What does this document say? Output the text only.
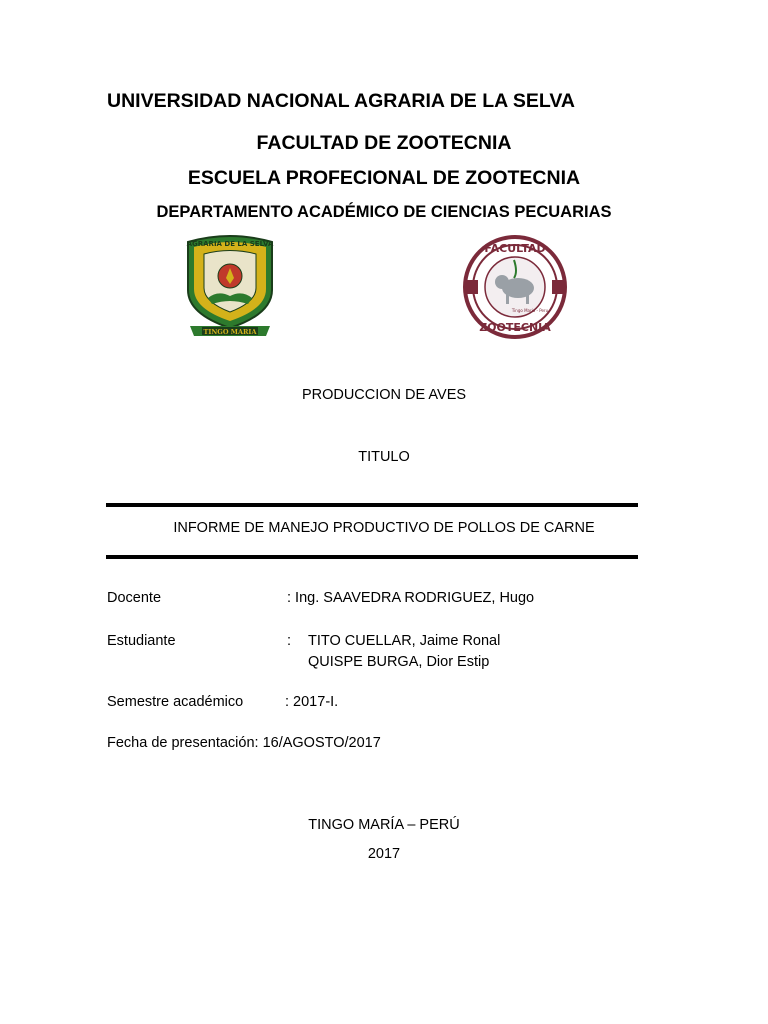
UNIVERSIDAD NACIONAL AGRARIA DE LA SELVA
FACULTAD DE ZOOTECNIA
ESCUELA PROFECIONAL DE ZOOTECNIA
DEPARTAMENTO ACADÉMICO DE CIENCIAS PECUARIAS
AGRARIA DE LA SELVA
TINGO MARIA
FACULTAD
ZOOTECNIA
Tingo Maria - Peru
PRODUCCION DE AVES
TITULO
INFORME DE MANEJO PRODUCTIVO DE POLLOS DE CARNE
Docente	: Ing. SAAVEDRA RODRIGUEZ, Hugo
Estudiante	: TITO CUELLAR, Jaime Ronal
QUISPE BURGA, Dior Estip
Semestre académico	: 2017-I.
Fecha de presentación: 16/AGOSTO/2017
TINGO MARÍA – PERÚ
2017
